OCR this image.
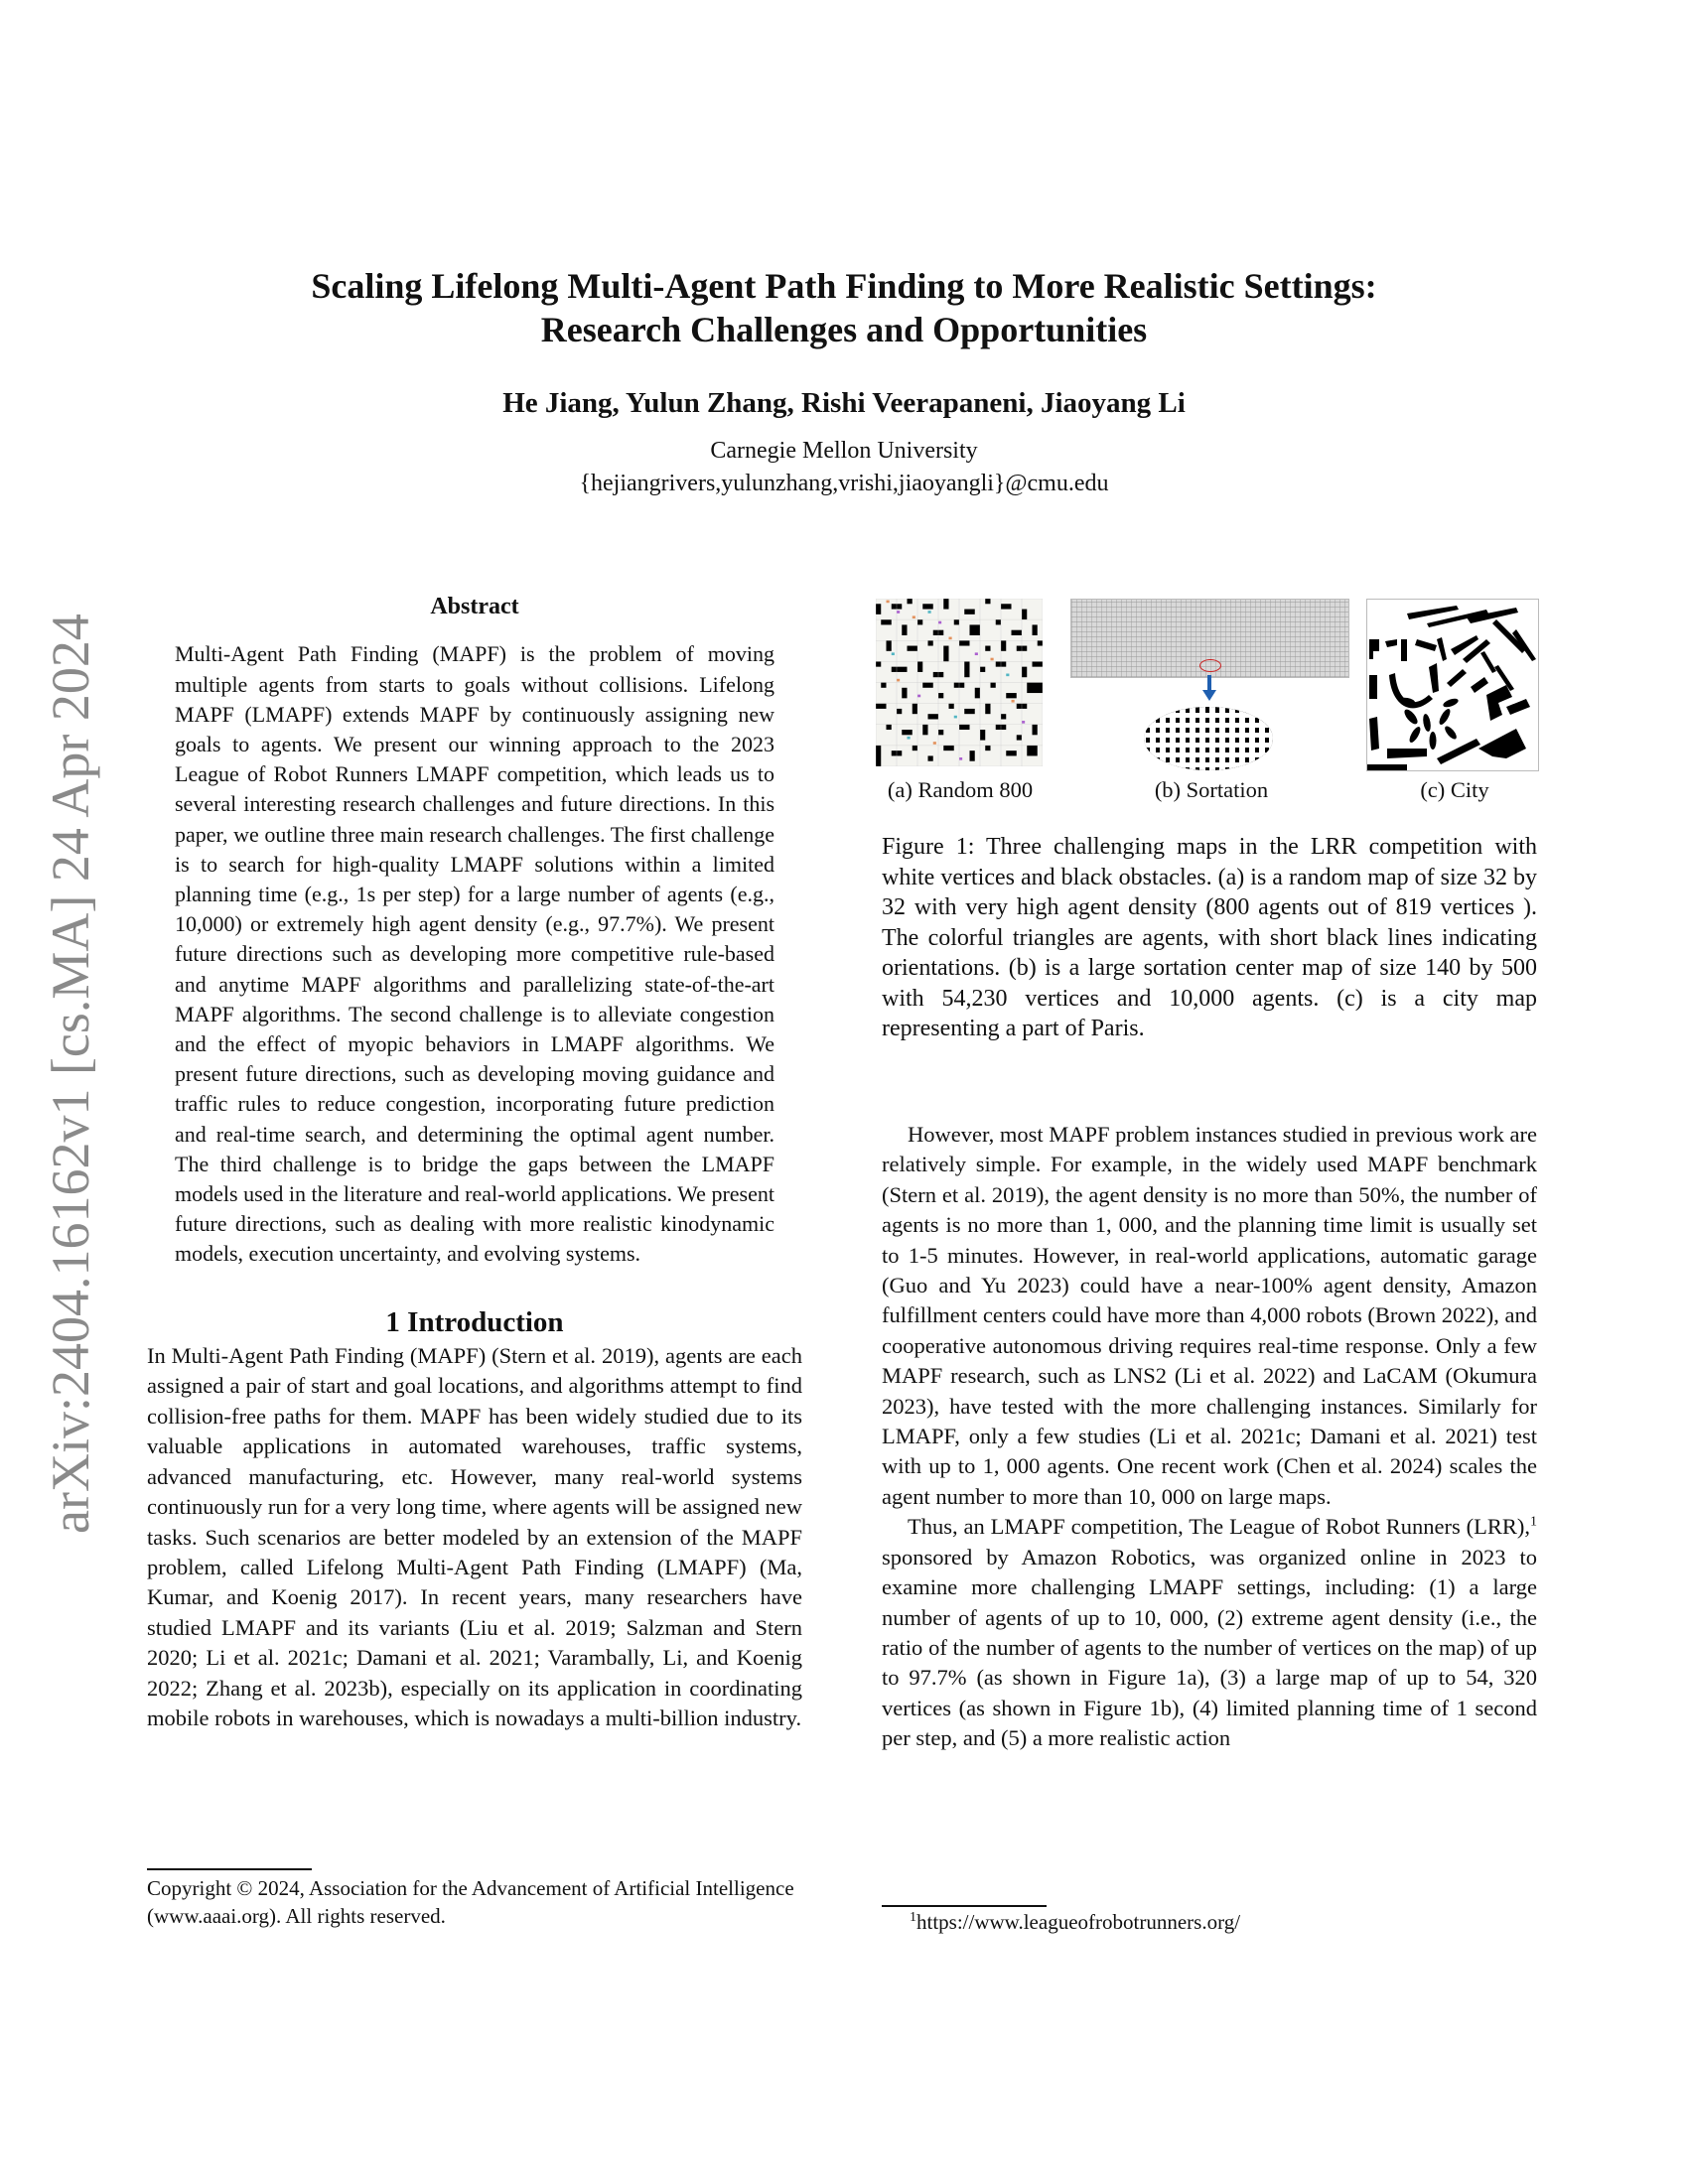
arXiv:2404.16162v1 [cs.MA] 24 Apr 2024
Scaling Lifelong Multi-Agent Path Finding to More Realistic Settings:
Research Challenges and Opportunities
He Jiang, Yulun Zhang, Rishi Veerapaneni, Jiaoyang Li
Carnegie Mellon University
{hejiangrivers,yulunzhang,vrishi,jiaoyangli}@cmu.edu
Abstract

Multi-Agent Path Finding (MAPF) is the problem of moving multiple agents from starts to goals without collisions. Lifelong MAPF (LMAPF) extends MAPF by continuously assigning new goals to agents. We present our winning approach to the 2023 League of Robot Runners LMAPF competition, which leads us to several interesting research challenges and future directions. In this paper, we outline three main research challenges. The first challenge is to search for high-quality LMAPF solutions within a limited planning time (e.g., 1s per step) for a large number of agents (e.g., 10,000) or extremely high agent density (e.g., 97.7%). We present future directions such as developing more competitive rule-based and anytime MAPF algorithms and parallelizing state-of-the-art MAPF algorithms. The second challenge is to alleviate congestion and the effect of myopic behaviors in LMAPF algorithms. We present future directions, such as developing moving guidance and traffic rules to reduce congestion, incorporating future prediction and real-time search, and determining the optimal agent number. The third challenge is to bridge the gaps between the LMAPF models used in the literature and real-world applications. We present future directions, such as dealing with more realistic kinodynamic models, execution uncertainty, and evolving systems.

1 Introduction

In Multi-Agent Path Finding (MAPF) (Stern et al. 2019), agents are each assigned a pair of start and goal locations, and algorithms attempt to find collision-free paths for them. MAPF has been widely studied due to its valuable applications in automated warehouses, traffic systems, advanced manufacturing, etc. However, many real-world systems continuously run for a very long time, where agents will be assigned new tasks. Such scenarios are better modeled by an extension of the MAPF problem, called Lifelong Multi-Agent Path Finding (LMAPF) (Ma, Kumar, and Koenig 2017). In recent years, many researchers have studied LMAPF and its variants (Liu et al. 2019; Salzman and Stern 2020; Li et al. 2021c; Damani et al. 2021; Varambally, Li, and Koenig 2022; Zhang et al. 2023b), especially on its application in coordinating mobile robots in warehouses, which is nowadays a multi-billion industry.

Copyright © 2024, Association for the Advancement of Artificial Intelligence (www.aaai.org). All rights reserved.

(a) Random 800	(b) Sortation	(c) City

Figure 1: Three challenging maps in the LRR competition with white vertices and black obstacles. (a) is a random map of size 32 by 32 with very high agent density (800 agents out of 819 vertices ). The colorful triangles are agents, with short black lines indicating orientations. (b) is a large sortation center map of size 140 by 500 with 54,230 vertices and 10,000 agents. (c) is a city map representing a part of Paris.

However, most MAPF problem instances studied in previous work are relatively simple. For example, in the widely used MAPF benchmark (Stern et al. 2019), the agent density is no more than 50%, the number of agents is no more than 1, 000, and the planning time limit is usually set to 1-5 minutes. However, in real-world applications, automatic garage (Guo and Yu 2023) could have a near-100% agent density, Amazon fulfillment centers could have more than 4,000 robots (Brown 2022), and cooperative autonomous driving requires real-time response. Only a few MAPF research, such as LNS2 (Li et al. 2022) and LaCAM (Okumura 2023), have tested with the more challenging instances. Similarly for LMAPF, only a few studies (Li et al. 2021c; Damani et al. 2021) test with up to 1, 000 agents. One recent work (Chen et al. 2024) scales the agent number to more than 10, 000 on large maps.

Thus, an LMAPF competition, The League of Robot Runners (LRR),$^1$ sponsored by Amazon Robotics, was organized online in 2023 to examine more challenging LMAPF settings, including: (1) a large number of agents of up to 10, 000, (2) extreme agent density (i.e., the ratio of the number of agents to the number of vertices on the map) of up to 97.7% (as shown in Figure 1a), (3) a large map of up to 54, 320 vertices (as shown in Figure 1b), (4) limited planning time of 1 second per step, and (5) a more realistic action

$^1$https://www.leagueofrobotrunners.org/
